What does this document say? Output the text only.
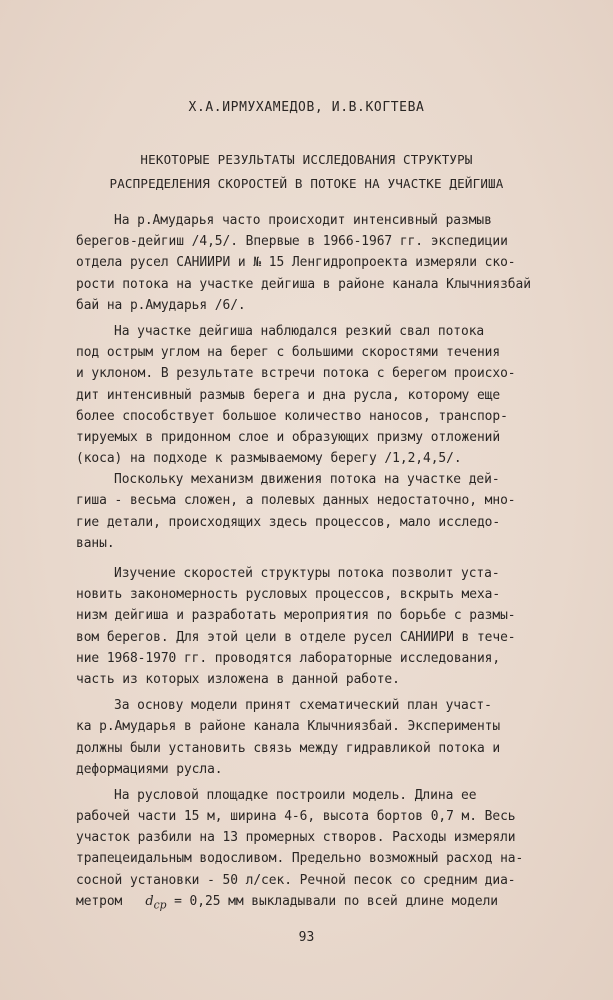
Х.А.ИРМУХАМЕДОВ, И.В.КОГТЕВА
НЕКОТОРЫЕ РЕЗУЛЬТАТЫ ИССЛЕДОВАНИЯ СТРУКТУРЫ
РАСПРЕДЕЛЕНИЯ СКОРОСТЕЙ В ПОТОКЕ НА УЧАСТКЕ ДЕЙГИША
На р.Амударья часто происходит интенсивный размыв
берегов-дейгиш /4,5/. Впервые в 1966-1967 гг. экспедиции
отдела русел САНИИРИ и № 15 Ленгидропроекта измеряли ско-
рости потока на участке дейгиша в районе канала Клычниязбай
бай на р.Амударья /6/.
На участке дейгиша наблюдался резкий свал потока
под острым углом на берег с большими скоростями течения
и уклоном. В результате встречи потока с берегом происхо-
дит интенсивный размыв берега и дна русла, которому еще
более способствует большое количество наносов, транспор-
тируемых в придонном слое и образующих призму отложений
(коса) на подходе к размываемому берегу /1,2,4,5/.
Поскольку механизм движения потока на участке дей-
гиша - весьма сложен, а полевых данных недостаточно, мно-
гие детали, происходящих здесь процессов, мало исследо-
ваны.
Изучение скоростей структуры потока позволит уста-
новить закономерность русловых процессов, вскрыть меха-
низм дейгиша и разработать мероприятия по борьбе с размы-
вом берегов. Для этой цели в отделе русел САНИИРИ в тече-
ние 1968-1970 гг. проводятся лабораторные исследования,
часть из которых изложена в данной работе.
За основу модели принят схематический план участ-
ка р.Амударья в районе канала Клычниязбай. Эксперименты
должны были установить связь между гидравликой потока и
деформациями русла.
На русловой площадке построили модель. Длина ее
рабочей части 15 м, ширина 4-6, высота бортов 0,7 м. Весь
участок разбили на 13 промерных створов. Расходы измеряли
трапецеидальным водосливом. Предельно возможный расход на-
сосной установки - 50 л/сек. Речной песок со средним диа-
метром $d_{ср} = 0,25$ мм выкладывали по всей длине модели
93
